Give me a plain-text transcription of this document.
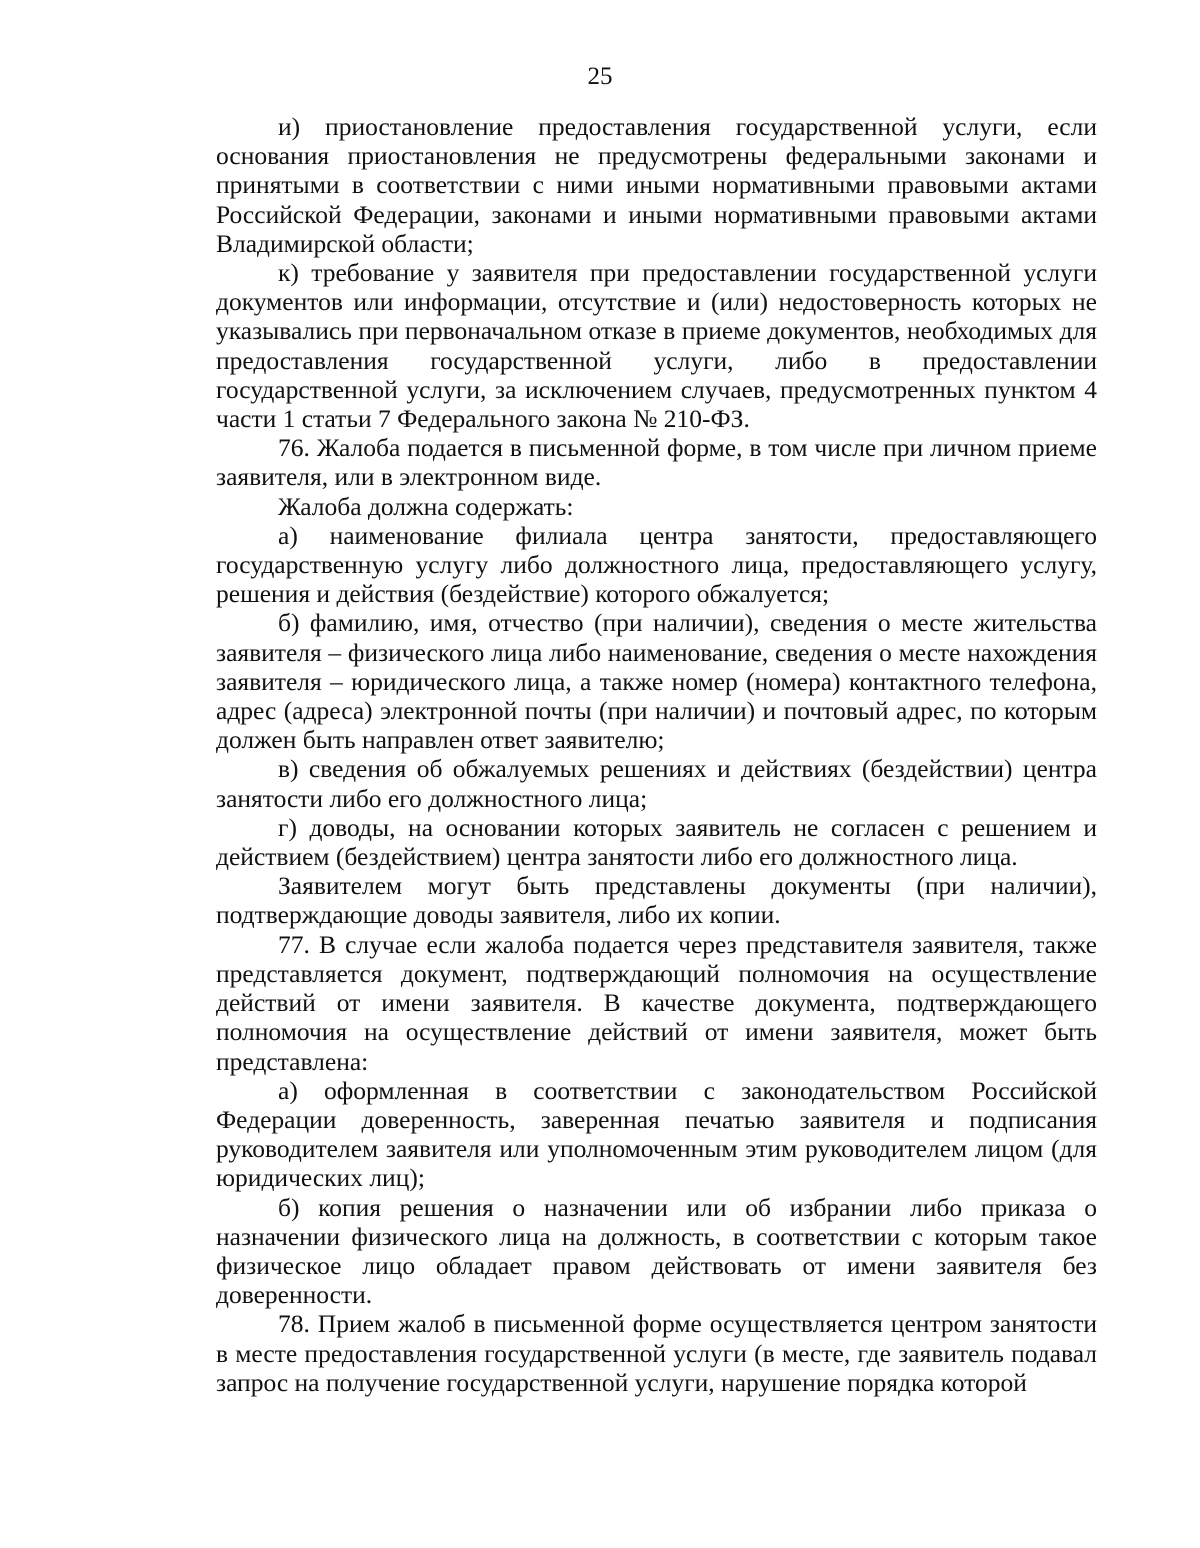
25

и) приостановление предоставления государственной услуги, если основания приостановления не предусмотрены федеральными законами и принятыми в соответствии с ними иными нормативными правовыми актами Российской Федерации, законами и иными нормативными правовыми актами Владимирской области;

к) требование у заявителя при предоставлении государственной услуги документов или информации, отсутствие и (или) недостоверность которых не указывались при первоначальном отказе в приеме документов, необходимых для предоставления государственной услуги, либо в предоставлении государственной услуги, за исключением случаев, предусмотренных пунктом 4 части 1 статьи 7 Федерального закона № 210-ФЗ.

76. Жалоба подается в письменной форме, в том числе при личном приеме заявителя, или в электронном виде.

Жалоба должна содержать:

а) наименование филиала центра занятости, предоставляющего государственную услугу либо должностного лица, предоставляющего услугу, решения и действия (бездействие) которого обжалуется;

б) фамилию, имя, отчество (при наличии), сведения о месте жительства заявителя – физического лица либо наименование, сведения о месте нахождения заявителя – юридического лица, а также номер (номера) контактного телефона, адрес (адреса) электронной почты (при наличии) и почтовый адрес, по которым должен быть направлен ответ заявителю;

в) сведения об обжалуемых решениях и действиях (бездействии) центра занятости либо его должностного лица;

г) доводы, на основании которых заявитель не согласен с решением и действием (бездействием) центра занятости либо его должностного лица.

Заявителем могут быть представлены документы (при наличии), подтверждающие доводы заявителя, либо их копии.

77. В случае если жалоба подается через представителя заявителя, также представляется документ, подтверждающий полномочия на осуществление действий от имени заявителя. В качестве документа, подтверждающего полномочия на осуществление действий от имени заявителя, может быть представлена:

а) оформленная в соответствии с законодательством Российской Федерации доверенность, заверенная печатью заявителя и подписания руководителем заявителя или уполномоченным этим руководителем лицом (для юридических лиц);

б) копия решения о назначении или об избрании либо приказа о назначении физического лица на должность, в соответствии с которым такое физическое лицо обладает правом действовать от имени заявителя без доверенности.

78. Прием жалоб в письменной форме осуществляется центром занятости в месте предоставления государственной услуги (в месте, где заявитель подавал запрос на получение государственной услуги, нарушение порядка которой
